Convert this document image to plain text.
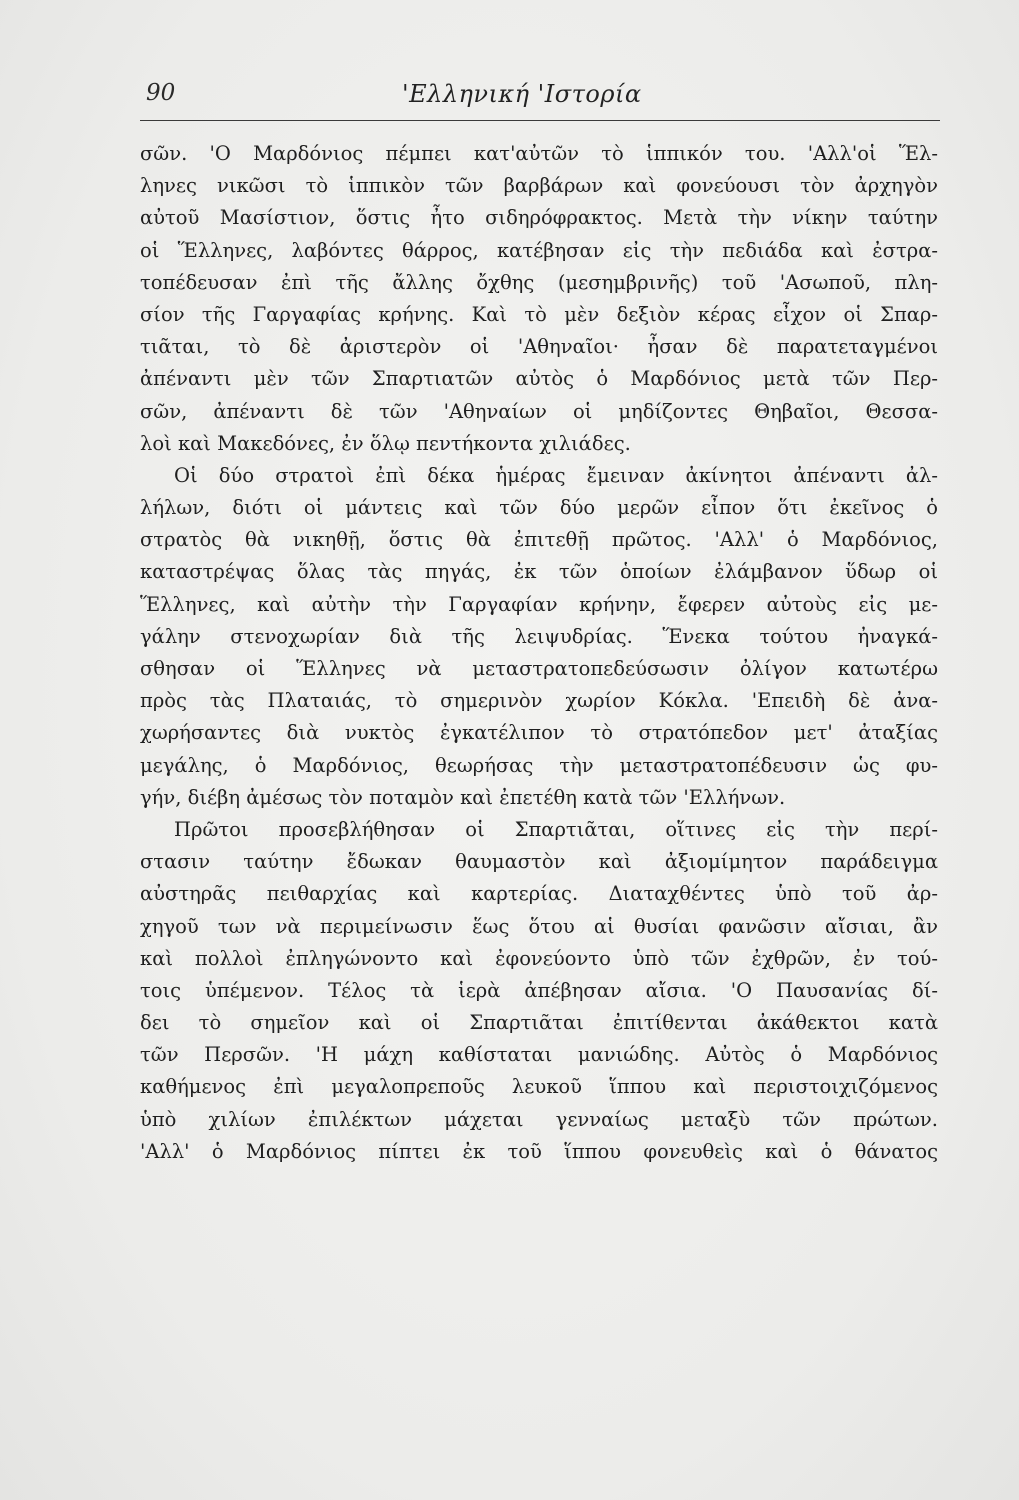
90	'Ελληνική 'Ιστορία
σῶν. 'Ο Μαρδόνιος πέμπει κατ'αὐτῶν τὸ ἱππικόν του. 'Αλλ'οἱ Ἕλ-
ληνες νικῶσι τὸ ἱππικὸν τῶν βαρβάρων καὶ φονεύουσι τὸν ἀρχηγὸν
αὐτοῦ Μασίστιον, ὅστις ἦτο σιδηρόφρακτος. Μετὰ τὴν νίκην ταύτην
οἱ Ἕλληνες, λαβόντες θάρρος, κατέβησαν εἰς τὴν πεδιάδα καὶ ἐστρα-
τοπέδευσαν ἐπὶ τῆς ἄλλης ὄχθης (μεσημβρινῆς) τοῦ 'Ασωποῦ, πλη-
σίον τῆς Γαργαφίας κρήνης. Καὶ τὸ μὲν δεξιὸν κέρας εἶχον οἱ Σπαρ-
τιᾶται, τὸ δὲ ἀριστερὸν οἱ 'Αθηναῖοι· ἦσαν δὲ παρατεταγμένοι
ἀπέναντι μὲν τῶν Σπαρτιατῶν αὐτὸς ὁ Μαρδόνιος μετὰ τῶν Περ-
σῶν, ἀπέναντι δὲ τῶν 'Αθηναίων οἱ μηδίζοντες Θηβαῖοι, Θεσσα-
λοὶ καὶ Μακεδόνες, ἐν ὅλῳ πεντήκοντα χιλιάδες.
Οἱ δύο στρατοὶ ἐπὶ δέκα ἡμέρας ἔμειναν ἀκίνητοι ἀπέναντι ἀλ-
λήλων, διότι οἱ μάντεις καὶ τῶν δύο μερῶν εἶπον ὅτι ἐκεῖνος ὁ
στρατὸς θὰ νικηθῇ, ὅστις θὰ ἐπιτεθῇ πρῶτος. 'Αλλ' ὁ Μαρδόνιος,
καταστρέψας ὅλας τὰς πηγάς, ἐκ τῶν ὁποίων ἐλάμβανον ὕδωρ οἱ
Ἕλληνες, καὶ αὐτὴν τὴν Γαργαφίαν κρήνην, ἔφερεν αὐτοὺς εἰς με-
γάλην στενοχωρίαν διὰ τῆς λειψυδρίας. Ἕνεκα τούτου ἠναγκά-
σθησαν οἱ Ἕλληνες νὰ μεταστρατοπεδεύσωσιν ὀλίγον κατωτέρω
πρὸς τὰς Πλαταιάς, τὸ σημερινὸν χωρίον Κόκλα. 'Επειδὴ δὲ ἀνα-
χωρήσαντες διὰ νυκτὸς ἐγκατέλιπον τὸ στρατόπεδον μετ' ἀταξίας
μεγάλης, ὁ Μαρδόνιος, θεωρήσας τὴν μεταστρατοπέδευσιν ὡς φυ-
γήν, διέβη ἀμέσως τὸν ποταμὸν καὶ ἐπετέθη κατὰ τῶν 'Ελλήνων.
Πρῶτοι προσεβλήθησαν οἱ Σπαρτιᾶται, οἵτινες εἰς τὴν περί-
στασιν ταύτην ἔδωκαν θαυμαστὸν καὶ ἀξιομίμητον παράδειγμα
αὐστηρᾶς πειθαρχίας καὶ καρτερίας. Διαταχθέντες ὑπὸ τοῦ ἀρ-
χηγοῦ των νὰ περιμείνωσιν ἕως ὅτου αἱ θυσίαι φανῶσιν αἴσιαι, ἂν
καὶ πολλοὶ ἐπληγώνοντο καὶ ἐφονεύοντο ὑπὸ τῶν ἐχθρῶν, ἐν τού-
τοις ὑπέμενον. Τέλος τὰ ἱερὰ ἀπέβησαν αἴσια. 'Ο Παυσανίας δί-
δει τὸ σημεῖον καὶ οἱ Σπαρτιᾶται ἐπιτίθενται ἀκάθεκτοι κατὰ
τῶν Περσῶν. 'Η μάχη καθίσταται μανιώδης. Αὐτὸς ὁ Μαρδόνιος
καθήμενος ἐπὶ μεγαλοπρεποῦς λευκοῦ ἵππου καὶ περιστοιχιζόμενος
ὑπὸ χιλίων ἐπιλέκτων μάχεται γενναίως μεταξὺ τῶν πρώτων.
'Αλλ' ὁ Μαρδόνιος πίπτει ἐκ τοῦ ἵππου φονευθεὶς καὶ ὁ θάνατος
